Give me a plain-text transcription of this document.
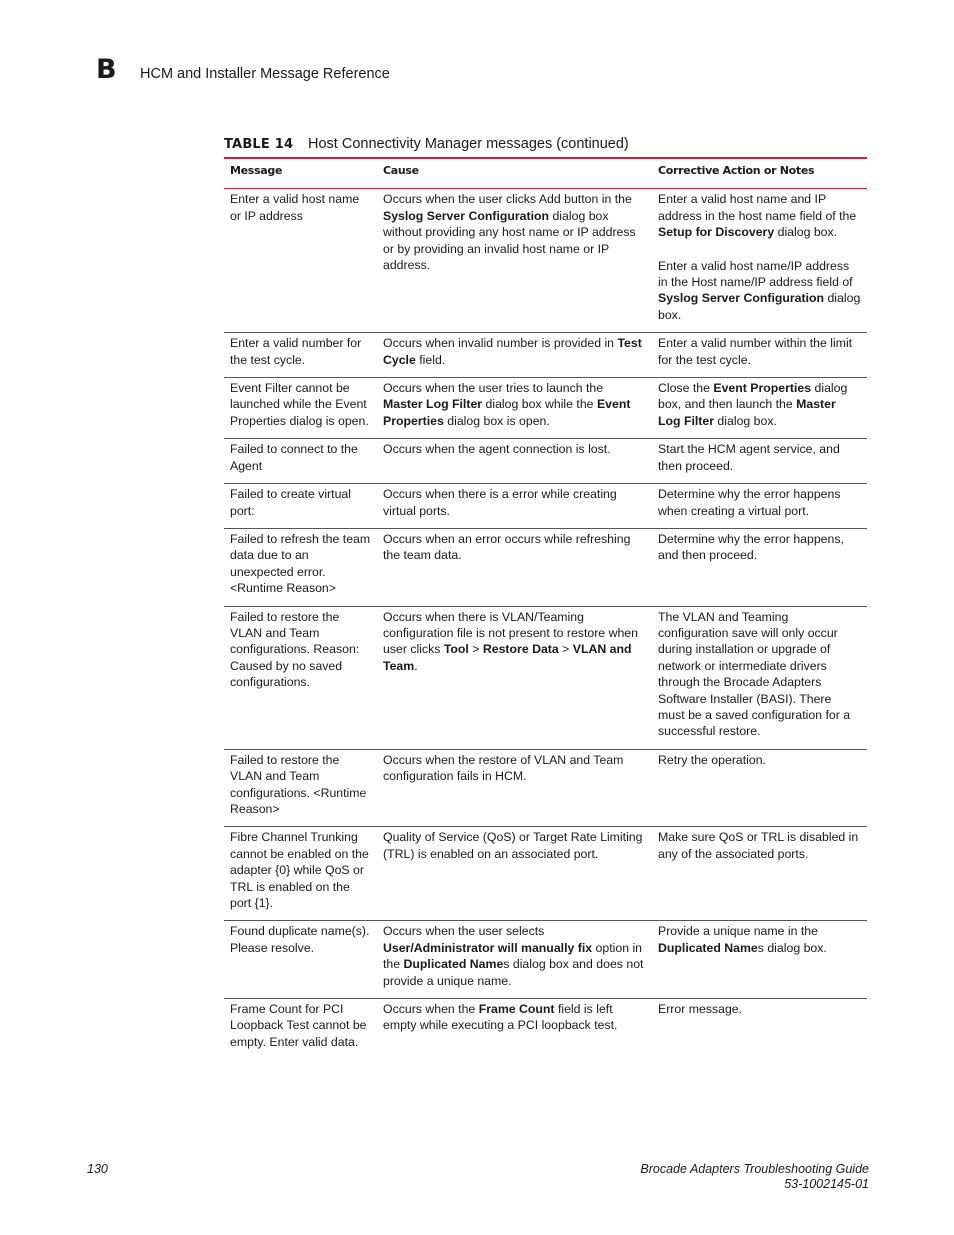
B HCM and Installer Message Reference
TABLE 14 Host Connectivity Manager messages (continued)
Message	Cause	Corrective Action or Notes
Enter a valid host name or IP address	Occurs when the user clicks Add button in the Syslog Server Configuration dialog box without providing any host name or IP address or by providing an invalid host name or IP address.	Enter a valid host name and IP address in the host name field of the Setup for Discovery dialog box.
Enter a valid host name/IP address in the Host name/IP address field of Syslog Server Configuration dialog box.

Enter a valid number for the test cycle.	Occurs when invalid number is provided in Test Cycle field.	Enter a valid number within the limit for the test cycle.

Event Filter cannot be launched while the Event Properties dialog is open.	Occurs when the user tries to launch the Master Log Filter dialog box while the Event Properties dialog box is open.	Close the Event Properties dialog box, and then launch the Master Log Filter dialog box.

Failed to connect to the Agent	Occurs when the agent connection is lost.	Start the HCM agent service, and then proceed.

Failed to create virtual port:	Occurs when there is a error while creating virtual ports.	Determine why the error happens when creating a virtual port.

Failed to refresh the team data due to an unexpected error. <Runtime Reason>	Occurs when an error occurs while refreshing the team data.	Determine why the error happens, and then proceed.

Failed to restore the VLAN and Team configurations. Reason: Caused by no saved configurations.	Occurs when there is VLAN/Teaming configuration file is not present to restore when user clicks Tool > Restore Data > VLAN and Team.	The VLAN and Teaming configuration save will only occur during installation or upgrade of network or intermediate drivers through the Brocade Adapters Software Installer (BASI). There must be a saved configuration for a successful restore.

Failed to restore the VLAN and Team configurations. <Runtime Reason>	Occurs when the restore of VLAN and Team configuration fails in HCM.	Retry the operation.

Fibre Channel Trunking cannot be enabled on the adapter {0} while QoS or TRL is enabled on the port {1}.	Quality of Service (QoS) or Target Rate Limiting (TRL) is enabled on an associated port.	Make sure QoS or TRL is disabled in any of the associated ports.

Found duplicate name(s). Please resolve.	Occurs when the user selects User/Administrator will manually fix option in the Duplicated Names dialog box and does not provide a unique name.	Provide a unique name in the Duplicated Names dialog box.

Frame Count for PCI Loopback Test cannot be empty. Enter valid data.	Occurs when the Frame Count field is left empty while executing a PCI loopback test.	Error message.
130	Brocade Adapters Troubleshooting Guide
53-1002145-01
